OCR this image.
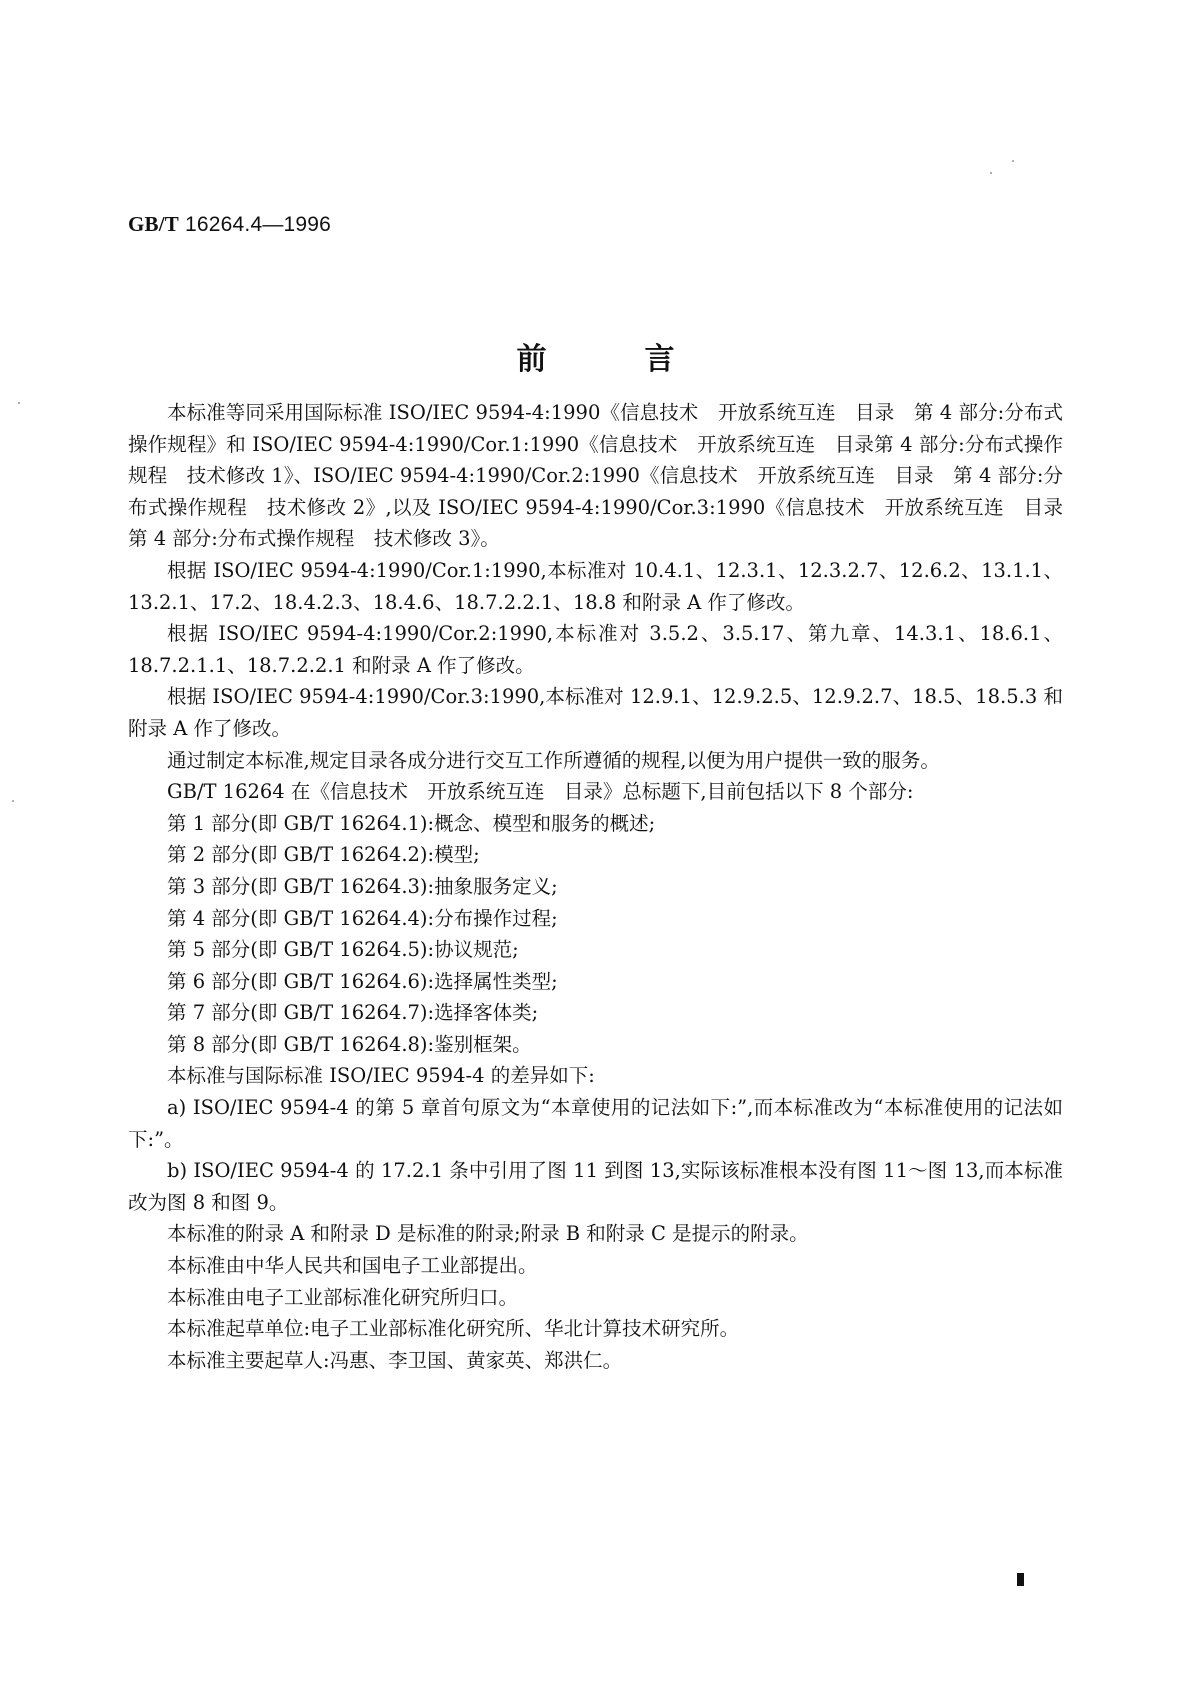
GB/T 16264.4—1996
前	言

本标准等同采用国际标准 ISO/IEC 9594-4:1990《信息技术　开放系统互连　目录　第 4 部分:分布式操作规程》和 ISO/IEC 9594-4:1990/Cor.1:1990《信息技术　开放系统互连　目录第 4 部分:分布式操作规程　技术修改 1》、ISO/IEC 9594-4:1990/Cor.2:1990《信息技术　开放系统互连　目录　第 4 部分:分布式操作规程　技术修改 2》,以及 ISO/IEC 9594-4:1990/Cor.3:1990《信息技术　开放系统互连　目录　第 4 部分:分布式操作规程　技术修改 3》。

根据 ISO/IEC 9594-4:1990/Cor.1:1990,本标准对 10.4.1、12.3.1、12.3.2.7、12.6.2、13.1.1、13.2.1、17.2、18.4.2.3、18.4.6、18.7.2.2.1、18.8 和附录 A 作了修改。

根据 ISO/IEC 9594-4:1990/Cor.2:1990,本标准对 3.5.2、3.5.17、第九章、14.3.1、18.6.1、18.7.2.1.1、18.7.2.2.1 和附录 A 作了修改。

根据 ISO/IEC 9594-4:1990/Cor.3:1990,本标准对 12.9.1、12.9.2.5、12.9.2.7、18.5、18.5.3 和附录 A 作了修改。

通过制定本标准,规定目录各成分进行交互工作所遵循的规程,以便为用户提供一致的服务。

GB/T 16264 在《信息技术　开放系统互连　目录》总标题下,目前包括以下 8 个部分:

第 1 部分(即 GB/T 16264.1):概念、模型和服务的概述;

第 2 部分(即 GB/T 16264.2):模型;

第 3 部分(即 GB/T 16264.3):抽象服务定义;

第 4 部分(即 GB/T 16264.4):分布操作过程;

第 5 部分(即 GB/T 16264.5):协议规范;

第 6 部分(即 GB/T 16264.6):选择属性类型;

第 7 部分(即 GB/T 16264.7):选择客体类;

第 8 部分(即 GB/T 16264.8):鉴别框架。

本标准与国际标准 ISO/IEC 9594-4 的差异如下:

a) ISO/IEC 9594-4 的第 5 章首句原文为“本章使用的记法如下:”,而本标准改为“本标准使用的记法如下:”。

b) ISO/IEC 9594-4 的 17.2.1 条中引用了图 11 到图 13,实际该标准根本没有图 11～图 13,而本标准改为图 8 和图 9。

本标准的附录 A 和附录 D 是标准的附录;附录 B 和附录 C 是提示的附录。

本标准由中华人民共和国电子工业部提出。

本标准由电子工业部标准化研究所归口。

本标准起草单位:电子工业部标准化研究所、华北计算技术研究所。

本标准主要起草人:冯惠、李卫国、黄家英、郑洪仁。
